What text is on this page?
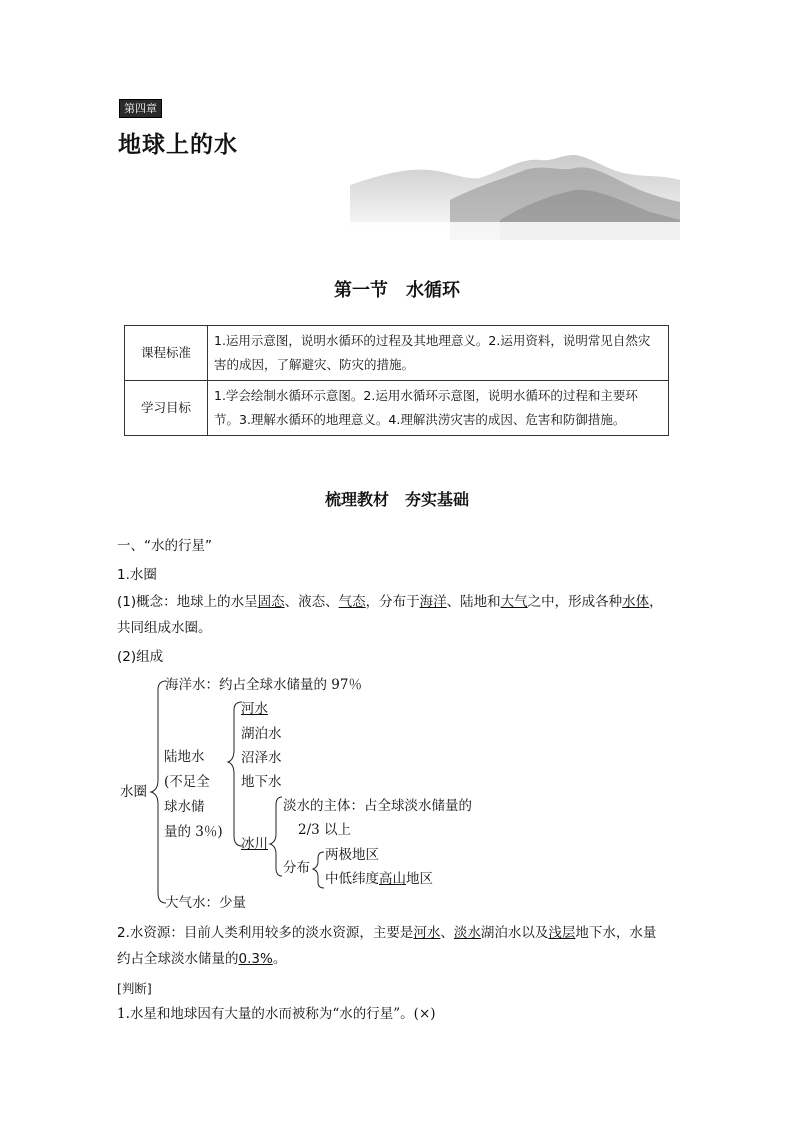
第四章
地球上的水
第一节　水循环
课程标准	1.运用示意图，说明水循环的过程及其地理意义。2.运用资料，说明常见自然灾害的成因，了解避灾、防灾的措施。
学习目标	1.学会绘制水循环示意图。2.运用水循环示意图，说明水循环的过程和主要环节。3.理解水循环的地理意义。4.理解洪涝灾害的成因、危害和防御措施。
梳理教材　夯实基础
一、“水的行星”
1.水圈
(1)概念：地球上的水呈固态、液态、气态，分布于海洋、陆地和大气之中，形成各种水体，
共同组成水圈。
(2)组成
水圈
海洋水：约占全球水储量的 97％
陆地水
(不足全
球水储
量的 3％)
河水
湖泊水
沼泽水
地下水
冰川
淡水的主体：占全球淡水储量的
2/3 以上
分布
两极地区
中低纬度高山地区
大气水：少量
2.水资源：目前人类利用较多的淡水资源，主要是河水、淡水湖泊水以及浅层地下水，水量
约占全球淡水储量的0.3%。
[判断]
1.水星和地球因有大量的水而被称为“水的行星”。(×)
